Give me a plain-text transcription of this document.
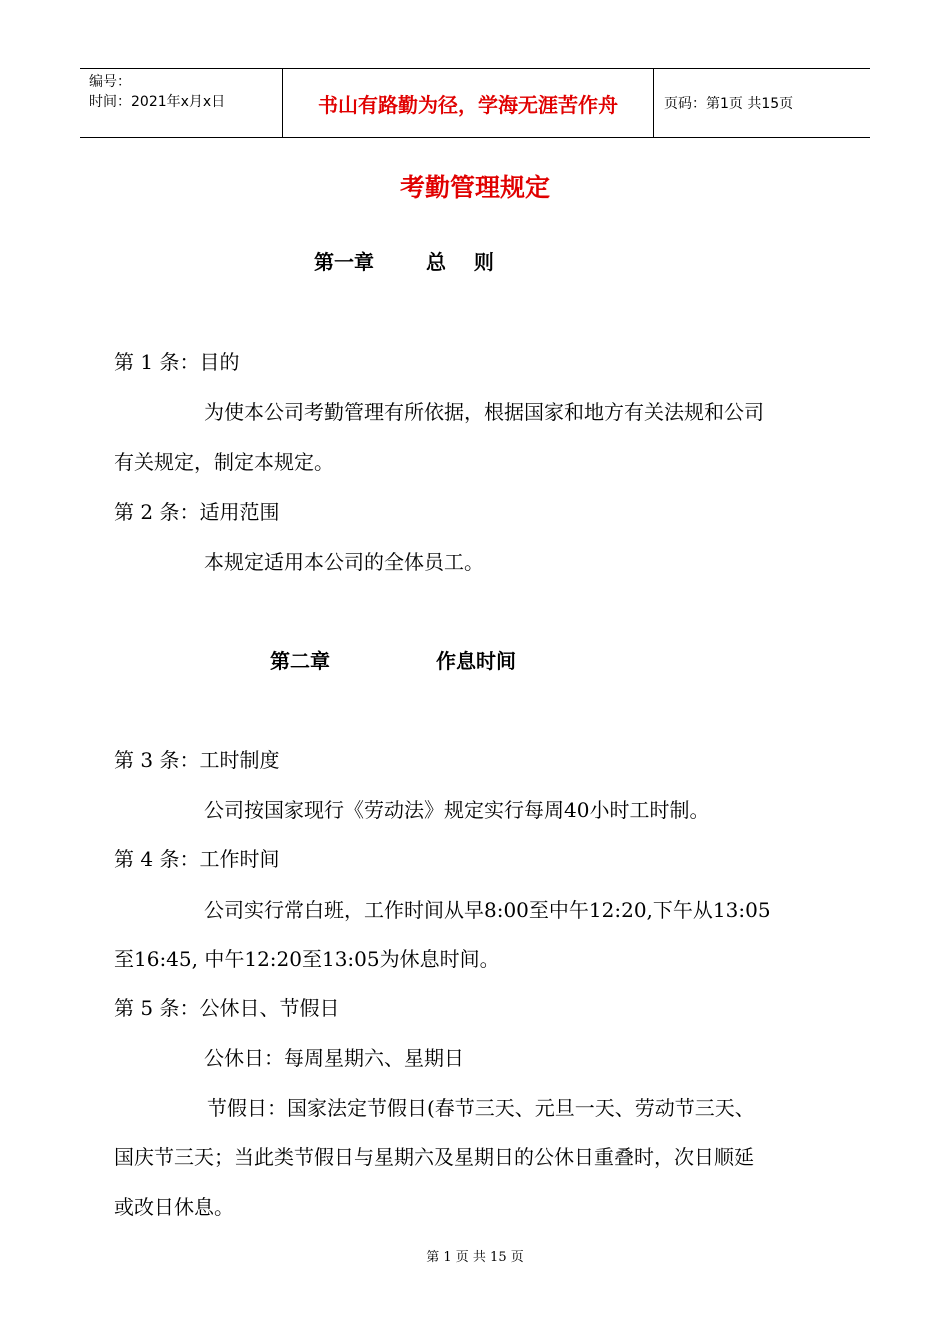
编号：
时间：2021年x月x日	书山有路勤为径，学海无涯苦作舟	页码：第1页 共15页
考勤管理规定
第一章	总    则
第 1 条：目的
为使本公司考勤管理有所依据，根据国家和地方有关法规和公司
有关规定，制定本规定。
第 2 条：适用范围
本规定适用本公司的全体员工。
第二章	作息时间
第 3 条：工时制度
公司按国家现行《劳动法》规定实行每周40小时工时制。
第 4 条：工作时间
公司实行常白班，工作时间从早8:00至中午12:20,下午从13:05
至16:45, 中午12:20至13:05为休息时间。
第 5 条：公休日、节假日
公休日：每周星期六、星期日
节假日：国家法定节假日(春节三天、元旦一天、劳动节三天、
国庆节三天；当此类节假日与星期六及星期日的公休日重叠时，次日顺延
或改日休息。
第 1 页 共 15 页
